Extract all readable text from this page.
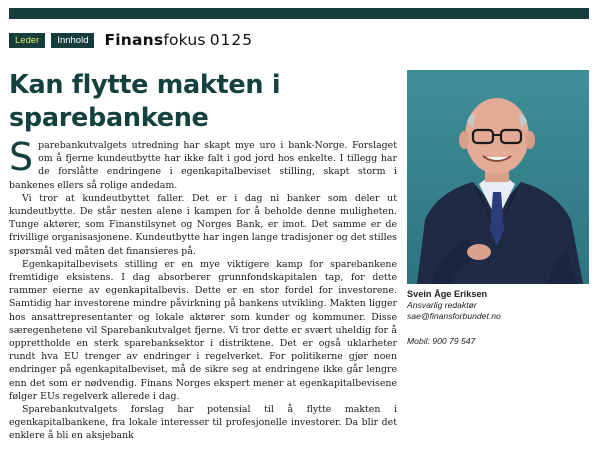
Leder	Innhold	Finansfokus 0125
Kan flytte makten i sparebankene

Sparebankutvalgets utredning har skapt mye uro i bank-Norge. Forslaget om å fjerne kundeutbytte har ikke falt i god jord hos enkelte. I tillegg har de forslåtte endringene i egenkapitalbeviset stilling, skapt storm i bankenes ellers så rolige andedam.

Vi tror at kundeutbyttet faller. Det er i dag ni banker som deler ut kundeutbytte. De står nesten alene i kampen for å beholde denne muligheten. Tunge aktører, som Finanstilsynet og Norges Bank, er imot. Det samme er de frivillige organisasjonene. Kundeutbytte har ingen lange tradisjoner og det stilles spørsmål ved måten det finansieres på.

Egenkapitalbevisets stilling er en mye viktigere kamp for sparebankene fremtidige eksistens. I dag absorberer grunnfondskapitalen tap, for dette rammer eierne av egenkapitalbevis. Dette er en stor fordel for investorene. Samtidig har investorene mindre påvirkning på bankens utvikling. Makten ligger hos ansattrepresentanter og lokale aktører som kunder og kommuner. Disse særegenhetene vil Sparebankutvalget fjerne. Vi tror dette er svært uheldig for å opprettholde en sterk sparebanksektor i distriktene. Det er også uklarheter rundt hva EU trenger av endringer i regelverket. For politikerne gjør noen endringer på egenkapitalbeviset, må de sikre seg at endringene ikke går lengre enn det som er nødvendig. Finans Norges ekspert mener at egenkapitalbevisene følger EUs regelverk allerede i dag.

Sparebankutvalgets forslag har potensial til å flytte makten i egenkapitalbankene, fra lokale interesser til profesjonelle investorer. Da blir det enklere å bli en aksjebank

Svein Åge Eriksen
Ansvarlig redaktør
sae@finansforbundet.no
Mobil: 900 79 547
